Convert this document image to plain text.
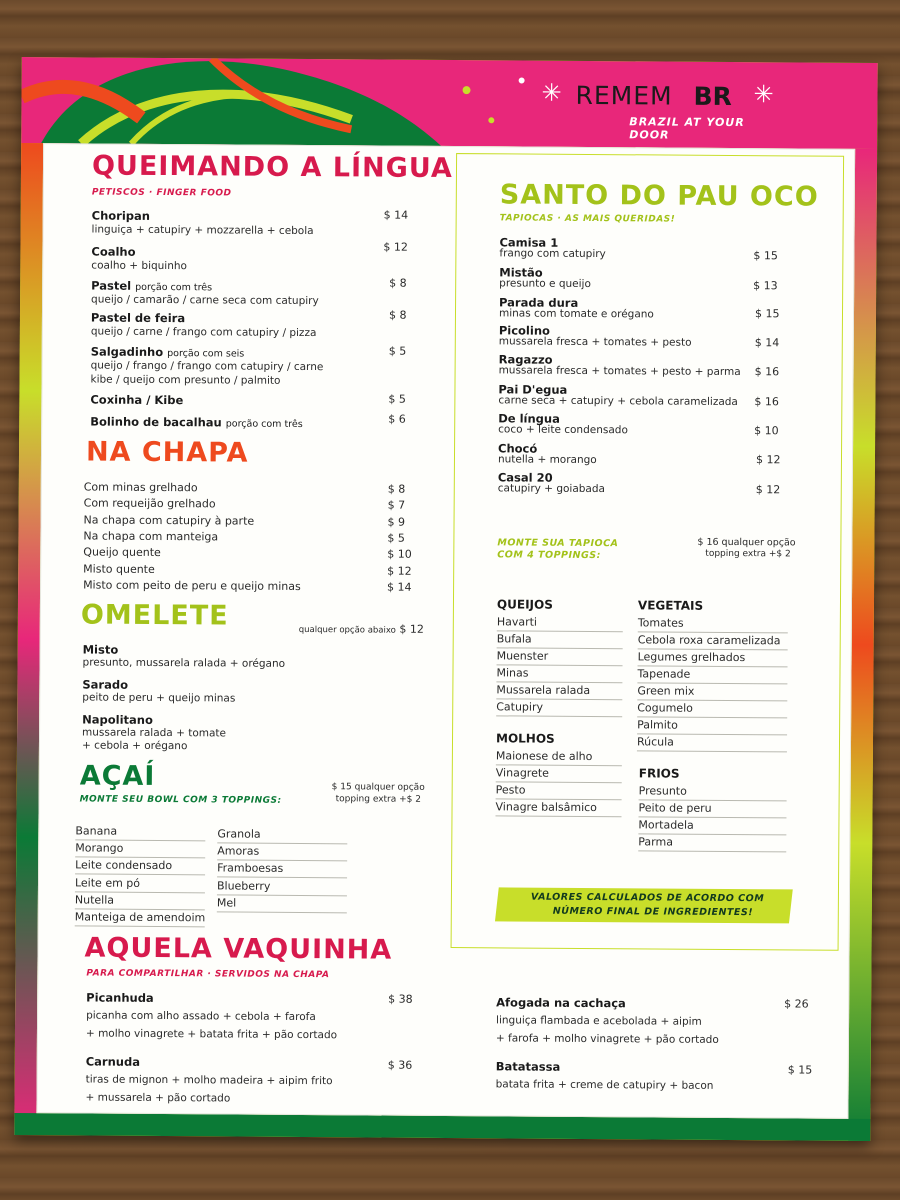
✳ REMEM BR ✳
BRAZIL AT YOUR DOOR
QUEIMANDO A LÍNGUA
PETISCOS · FINGER FOOD
Choripan
linguiça + catupiry + mozzarella + cebola
$ 14
Coalho
coalho + biquinho
$ 12
Pastel porção com três
queijo / camarão / carne seca com catupiry
$ 8
Pastel de feira
queijo / carne / frango com catupiry / pizza
$ 8
Salgadinho porção com seis
queijo / frango / frango com catupiry / carne
kibe / queijo com presunto / palmito
$ 5
Coxinha / Kibe	$ 5
Bolinho de bacalhau porção com três	$ 6
NA CHAPA
Com minas grelhado	$ 8
Com requeijão grelhado	$ 7
Na chapa com catupiry à parte	$ 9
Na chapa com manteiga	$ 5
Queijo quente	$ 10
Misto quente	$ 12
Misto com peito de peru e queijo minas	$ 14
OMELETE	qualquer opção abaixo $ 12
Misto
presunto, mussarela ralada + orégano
Sarado
peito de peru + queijo minas
Napolitano
mussarela ralada + tomate
+ cebola + orégano
AÇAÍ
MONTE SEU BOWL COM 3 TOPPINGS:
$ 15 qualquer opção
topping extra +$ 2
Banana
Morango
Leite condensado
Leite em pó
Nutella
Manteiga de amendoim
Granola
Amoras
Framboesas
Blueberry
Mel
SANTO DO PAU OCO
TAPIOCAS · AS MAIS QUERIDAS!
Camisa 1
frango com catupiry	$ 15
Mistão
presunto e queijo	$ 13
Parada dura
minas com tomate e orégano	$ 15
Picolino
mussarela fresca + tomates + pesto	$ 14
Ragazzo
mussarela fresca + tomates + pesto + parma $ 16
Pai D'egua
carne seca + catupiry + cebola caramelizada $ 16
De língua
coco + leite condensado	$ 10
Chocó
nutella + morango	$ 12
Casal 20
catupiry + goiabada	$ 12
MONTE SUA TAPIOCA
COM 4 TOPPINGS:
$ 16 qualquer opção
topping extra +$ 2
QUEIJOS
Havarti
Bufala
Muenster
Minas
Mussarela ralada
Catupiry
VEGETAIS
Tomates
Cebola roxa caramelizada
Legumes grelhados
Tapenade
Green mix
Cogumelo
Palmito
Rúcula
MOLHOS
Maionese de alho
Vinagrete
Pesto
Vinagre balsâmico
FRIOS
Presunto
Peito de peru
Mortadela
Parma
VALORES CALCULADOS DE ACORDO COM
NÚMERO FINAL DE INGREDIENTES!
AQUELA VAQUINHA
PARA COMPARTILHAR · SERVIDOS NA CHAPA
Picanhuda
picanha com alho assado + cebola + farofa
+ molho vinagrete + batata frita + pão cortado
$ 38
Carnuda
tiras de mignon + molho madeira + aipim frito
+ mussarela + pão cortado
$ 36
Afogada na cachaça
linguiça flambada e acebolada + aipim
+ farofa + molho vinagrete + pão cortado
$ 26
Batatassa
batata frita + creme de catupiry + bacon
$ 15
